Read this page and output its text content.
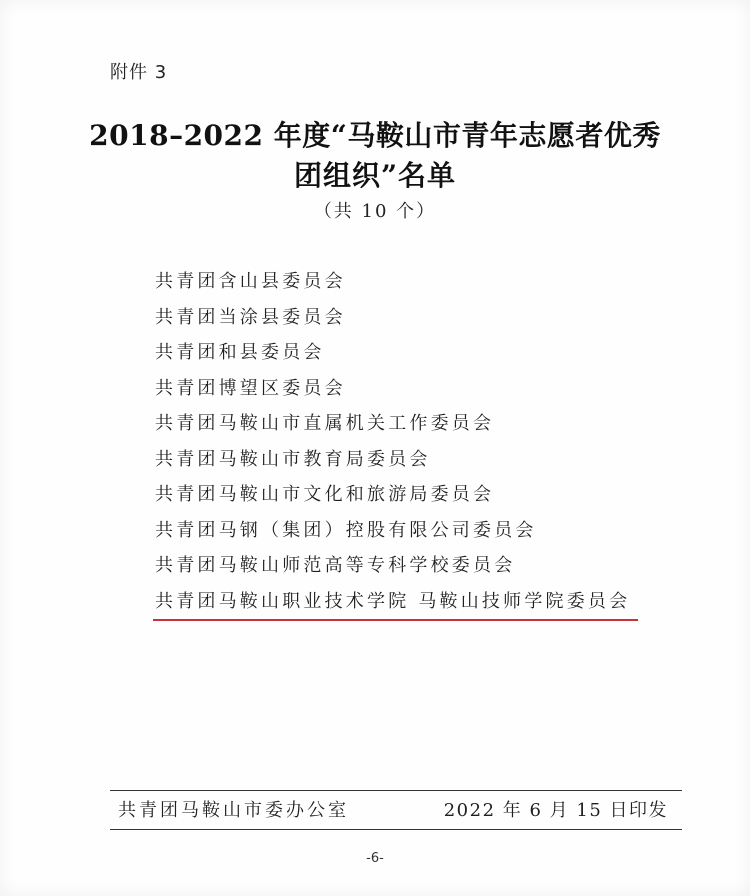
附件 3
2018–2022 年度“马鞍山市青年志愿者优秀
团组织”名单
（共 10 个）
共青团含山县委员会
共青团当涂县委员会
共青团和县委员会
共青团博望区委员会
共青团马鞍山市直属机关工作委员会
共青团马鞍山市教育局委员会
共青团马鞍山市文化和旅游局委员会
共青团马钢（集团）控股有限公司委员会
共青团马鞍山师范高等专科学校委员会
共青团马鞍山职业技术学院 马鞍山技师学院委员会
共青团马鞍山市委办公室	2022 年 6 月 15 日印发
-6-
